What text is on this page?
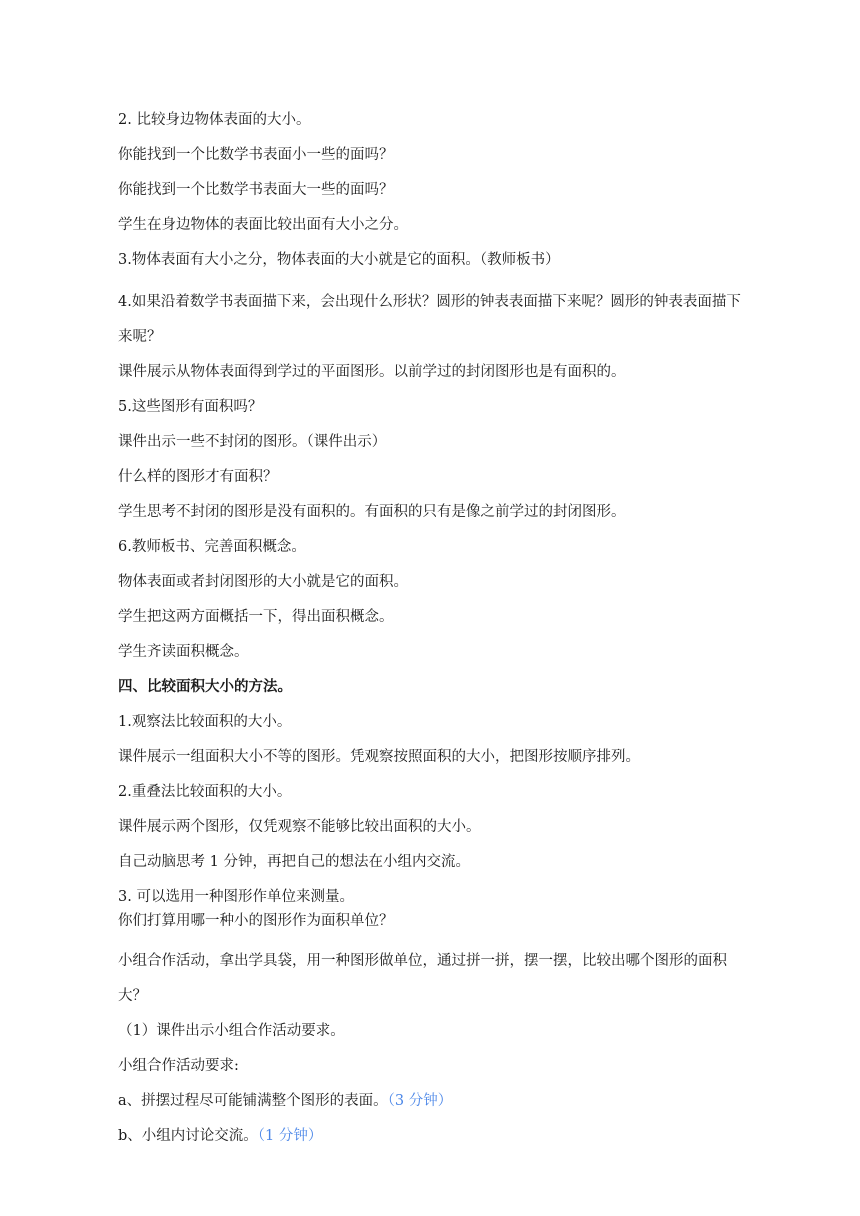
2. 比较身边物体表面的大小。

你能找到一个比数学书表面小一些的面吗？

你能找到一个比数学书表面大一些的面吗？

学生在身边物体的表面比较出面有大小之分。

3.物体表面有大小之分，物体表面的大小就是它的面积。（教师板书）

4.如果沿着数学书表面描下来，会出现什么形状？圆形的钟表表面描下来呢？圆形的钟表表面描下来呢？

课件展示从物体表面得到学过的平面图形。以前学过的封闭图形也是有面积的。

5.这些图形有面积吗？

课件出示一些不封闭的图形。（课件出示）

什么样的图形才有面积？

学生思考不封闭的图形是没有面积的。有面积的只有是像之前学过的封闭图形。

6.教师板书、完善面积概念。

物体表面或者封闭图形的大小就是它的面积。

学生把这两方面概括一下，得出面积概念。

学生齐读面积概念。

四、比较面积大小的方法。

1.观察法比较面积的大小。

课件展示一组面积大小不等的图形。凭观察按照面积的大小，把图形按顺序排列。

2.重叠法比较面积的大小。

课件展示两个图形，仅凭观察不能够比较出面积的大小。

自己动脑思考 1 分钟，再把自己的想法在小组内交流。

3. 可以选用一种图形作单位来测量。

你们打算用哪一种小的图形作为面积单位？

小组合作活动，拿出学具袋，用一种图形做单位，通过拼一拼，摆一摆，比较出哪个图形的面积大？

（1）课件出示小组合作活动要求。

小组合作活动要求:

a、拼摆过程尽可能铺满整个图形的表面。（3 分钟）

b、小组内讨论交流。（1 分钟）
